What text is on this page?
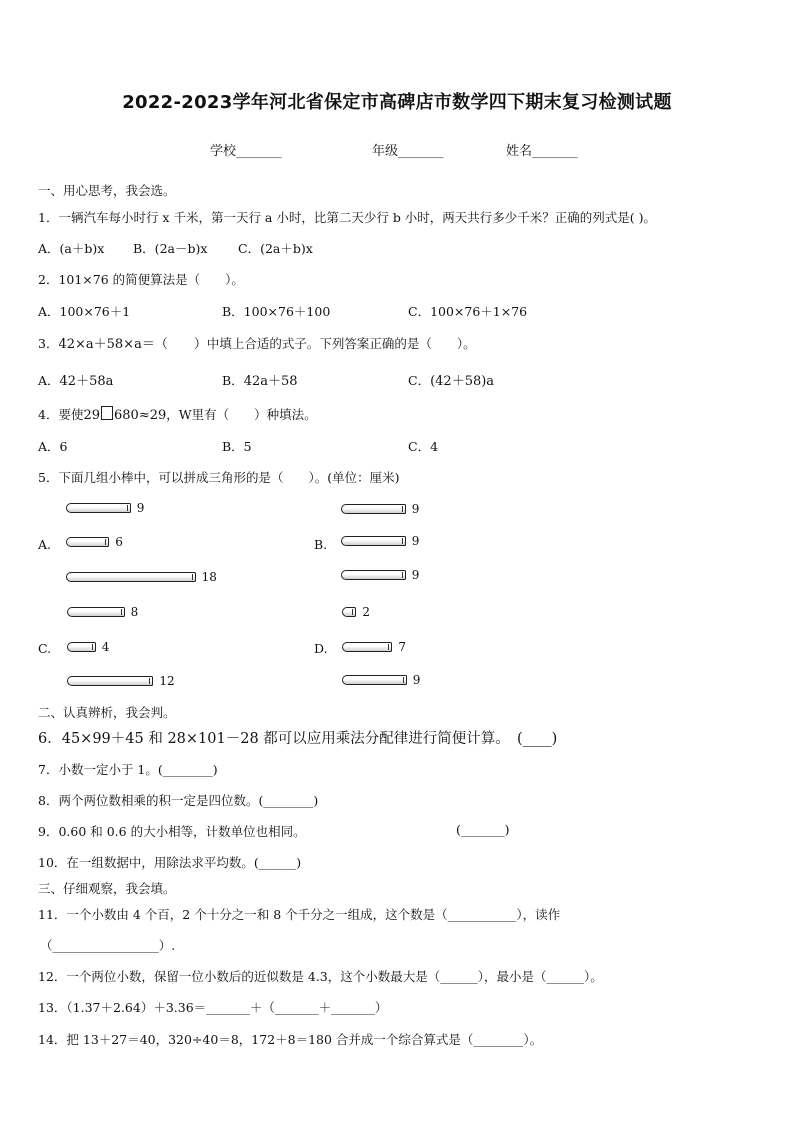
2022-2023学年河北省保定市高碑店市数学四下期末复习检测试题
学校_______	年级_______	姓名_______
一、用心思考，我会选。
1．一辆汽车每小时行 x 千米，第一天行 a 小时，比第二天少行 b 小时，两天共行多少千米？正确的列式是( )。
A．(a＋b)x B．(2a－b)x C．(2a＋b)x
2．101×76 的简便算法是（　　）。
A．100×76＋1	B．100×76＋100	C．100×76＋1×76
3．42×a＋58×a＝（　　）中填上合适的式子。下列答案正确的是（　　）。
A．42＋58a	B．42a＋58	C．(42＋58)a
4．要使29 680≈29，W里有（　　）种填法。
A．6	B．5	C．4
5．下面几组小棒中，可以拼成三角形的是（　　）。(单位：厘米)
A.	B.
C.	D.
9
6
18
9
9
9
8
4
12
2
7
9
二、认真辨析，我会判。
6．45×99＋45 和 28×101－28 都可以应用乘法分配律进行简便计算。　(____)
7．小数一定小于 1。(________)
8．两个两位数相乘的积一定是四位数。(________)
9．0.60 和 0.6 的大小相等，计数单位也相同。	(_______)
10．在一组数据中，用除法求平均数。(______)
三、仔细观察，我会填。
11．一个小数由 4 个百，2 个十分之一和 8 个千分之一组成，这个数是（___________），读作
（_________________）.
12．一个两位小数，保留一位小数后的近似数是 4.3，这个小数最大是（______），最小是（______）。
13．（1.37＋2.64）＋3.36＝_______＋（_______＋_______）
14．把 13＋27＝40，320÷40＝8，172＋8＝180 合并成一个综合算式是（________）。
